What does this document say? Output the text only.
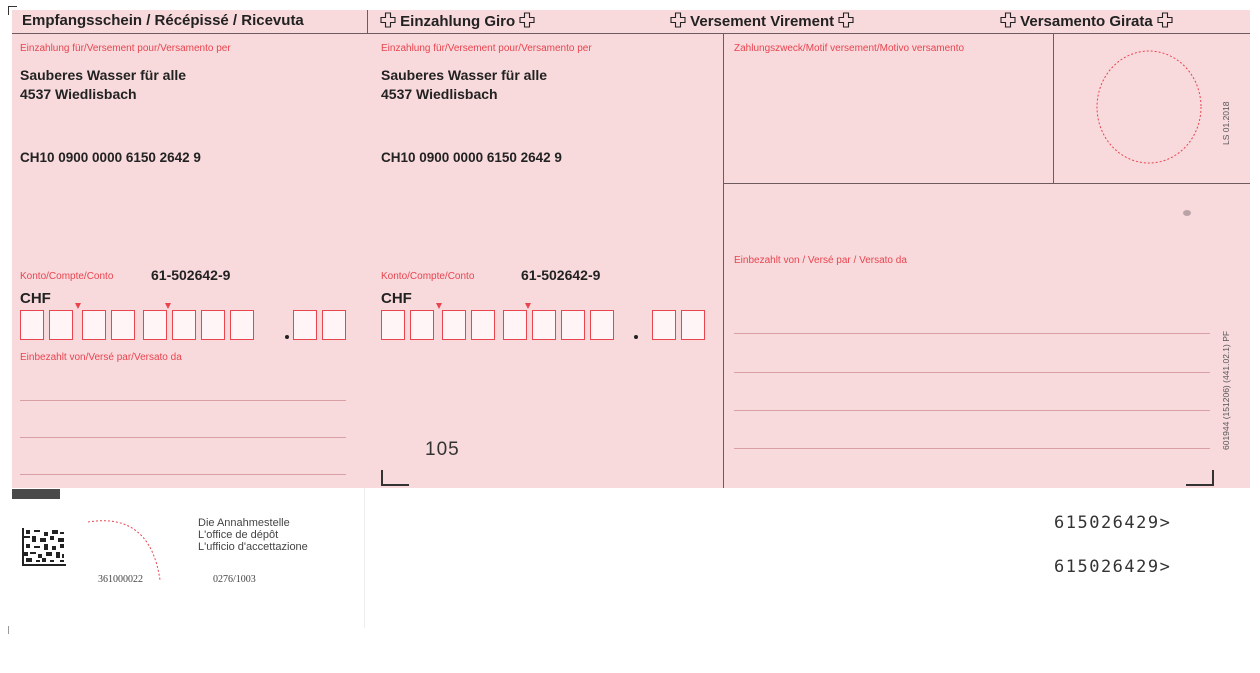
Empfangsschein / Récépissé / Ricevuta	Einzahlung Giro	Versement Virement	Versamento Girata
Einzahlung für/Versement pour/Versamento per
Sauberes Wasser für alle
4537 Wiedlisbach
CH10 0900 0000 6150 2642 9
Konto/Compte/Conto	61-502642-9
CHF
Einbezahlt von/Versé par/Versato da
Einzahlung für/Versement pour/Versamento per
Sauberes Wasser für alle
4537 Wiedlisbach
CH10 0900 0000 6150 2642 9
Konto/Compte/Conto	61-502642-9
CHF
105
Zahlungszweck/Motif versement/Motivo versamento
LS 01.2018
Einbezahlt von / Versé par / Versato da
601944 (151206) (441.02.1) PF
Die Annahmestelle
L'office de dépôt
L'ufficio d'accettazione
361000022	0276/1003
615026429>
615026429>
